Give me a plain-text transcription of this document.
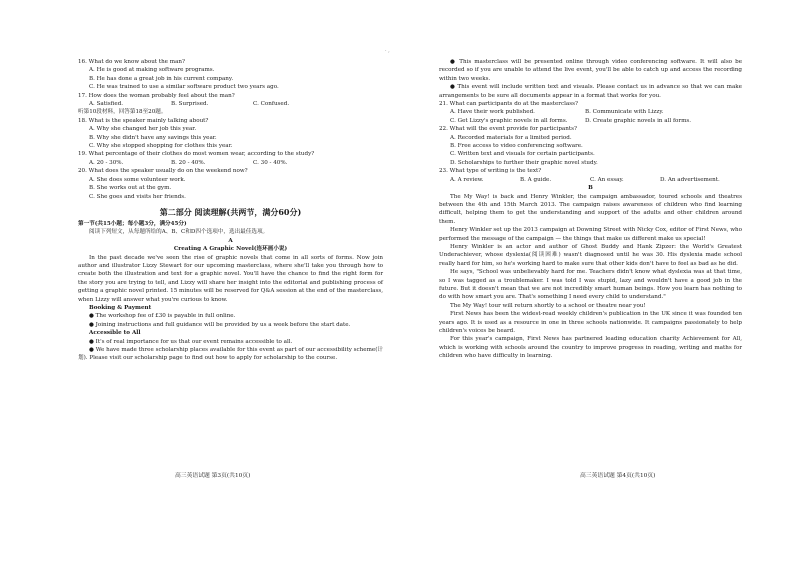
· ,
16. What do we know about the man?
A. He is good at making software programs.
B. He has done a great job in his current company.
C. He was trained to use a similar software product two years ago.
17. How does the woman probably feel about the man?
A. Satisfied.	B. Surprised.	C. Confused.
听第10段材料，回答第18至20题。
18. What is the speaker mainly talking about?
A. Why she changed her job this year.
B. Why she didn't have any savings this year.
C. Why she stopped shopping for clothes this year.
19. What percentage of their clothes do most women wear, according to the study?
A. 20 - 30%.	B. 20 - 40%.	C. 30 - 40%.
20. What does the speaker usually do on the weekend now?
A. She does some volunteer work.
B. She works out at the gym.
C. She goes and visits her friends.
第二部分 阅读理解(共两节，满分60分)
第一节(共15小题；每小题3分，满分45分)
阅读下列短文，从每题所给的A、B、C和D四个选项中，选出最佳选项。
A
Creating A Graphic Novel(连环画小说)

In the past decade we've seen the rise of graphic novels that come in all sorts of forms. Now join author and illustrator Lizzy Stewart for our upcoming masterclass, where she'll take you through how to create both the illustration and text for a graphic novel. You'll have the chance to find the right form for the story you are trying to tell, and Lizzy will share her insight into the editorial and publishing process of getting a graphic novel printed. 15 minutes will be reserved for Q&A session at the end of the masterclass, when Lizzy will answer what you're curious to know.

Booking & Payment
● The workshop fee of £30 is payable in full online.
● Joining instructions and full guidance will be provided by us a week before the start date.
Accessible to All
● It's of real importance for us that our event remains accessible to all.

● We have made three scholarship places available for this event as part of our accessibility scheme(计划). Please visit our scholarship page to find out how to apply for scholarship to the course.

高三英语试题 第3页(共10页)

● This masterclass will be presented online through video conferencing software. It will also be recorded so if you are unable to attend the live event, you'll be able to catch up and access the recording within two weeks.

● This event will include written text and visuals. Please contact us in advance so that we can make arrangements to be sure all documents appear in a format that works for you.

21. What can participants do at the masterclass?
A. Have their work published.	B. Communicate with Lizzy.
C. Get Lizzy's graphic novels in all forms.	D. Create graphic novels in all forms.
22. What will the event provide for participants?
A. Recorded materials for a limited period.
B. Free access to video conferencing software.
C. Written text and visuals for certain participants.
D. Scholarships to further their graphic novel study.
23. What type of writing is the text?
A. A review.	B. A guide.	C. An essay.	D. An advertisement.
B

The My Way! is back and Henry Winkler, the campaign ambassador, toured schools and theatres between the 4th and 15th March 2013. The campaign raises awareness of children who find learning difficult, helping them to get the understanding and support of the adults and other children around them.

Henry Winkler set up the 2013 campaign at Downing Street with Nicky Cox, editor of First News, who performed the message of the campaign — the things that make us different make us special!

Henry Winkler is an actor and author of Ghost Buddy and Hank Zipzer: the World's Greatest Underachiever, whose dyslexia(阅读困难) wasn't diagnosed until he was 30. His dyslexia made school really hard for him, so he's working hard to make sure that other kids don't have to feel as bad as he did.

He says, "School was unbelievably hard for me. Teachers didn't know what dyslexia was at that time, so I was tagged as a troublemaker. I was told I was stupid, lazy and wouldn't have a good job in the future. But it doesn't mean that we are not incredibly smart human beings. How you learn has nothing to do with how smart you are. That's something I need every child to understand."

The My Way! tour will return shortly to a school or theatre near you!

First News has been the widest-read weekly children's publication in the UK since it was founded ten years ago. It is used as a resource in one in three schools nationwide. It campaigns passionately to help children's voices be heard.

For this year's campaign, First News has partnered leading education charity Achievement for All, which is working with schools around the country to improve progress in reading, writing and maths for children who have difficulty in learning.

高三英语试题 第4页(共10页)
